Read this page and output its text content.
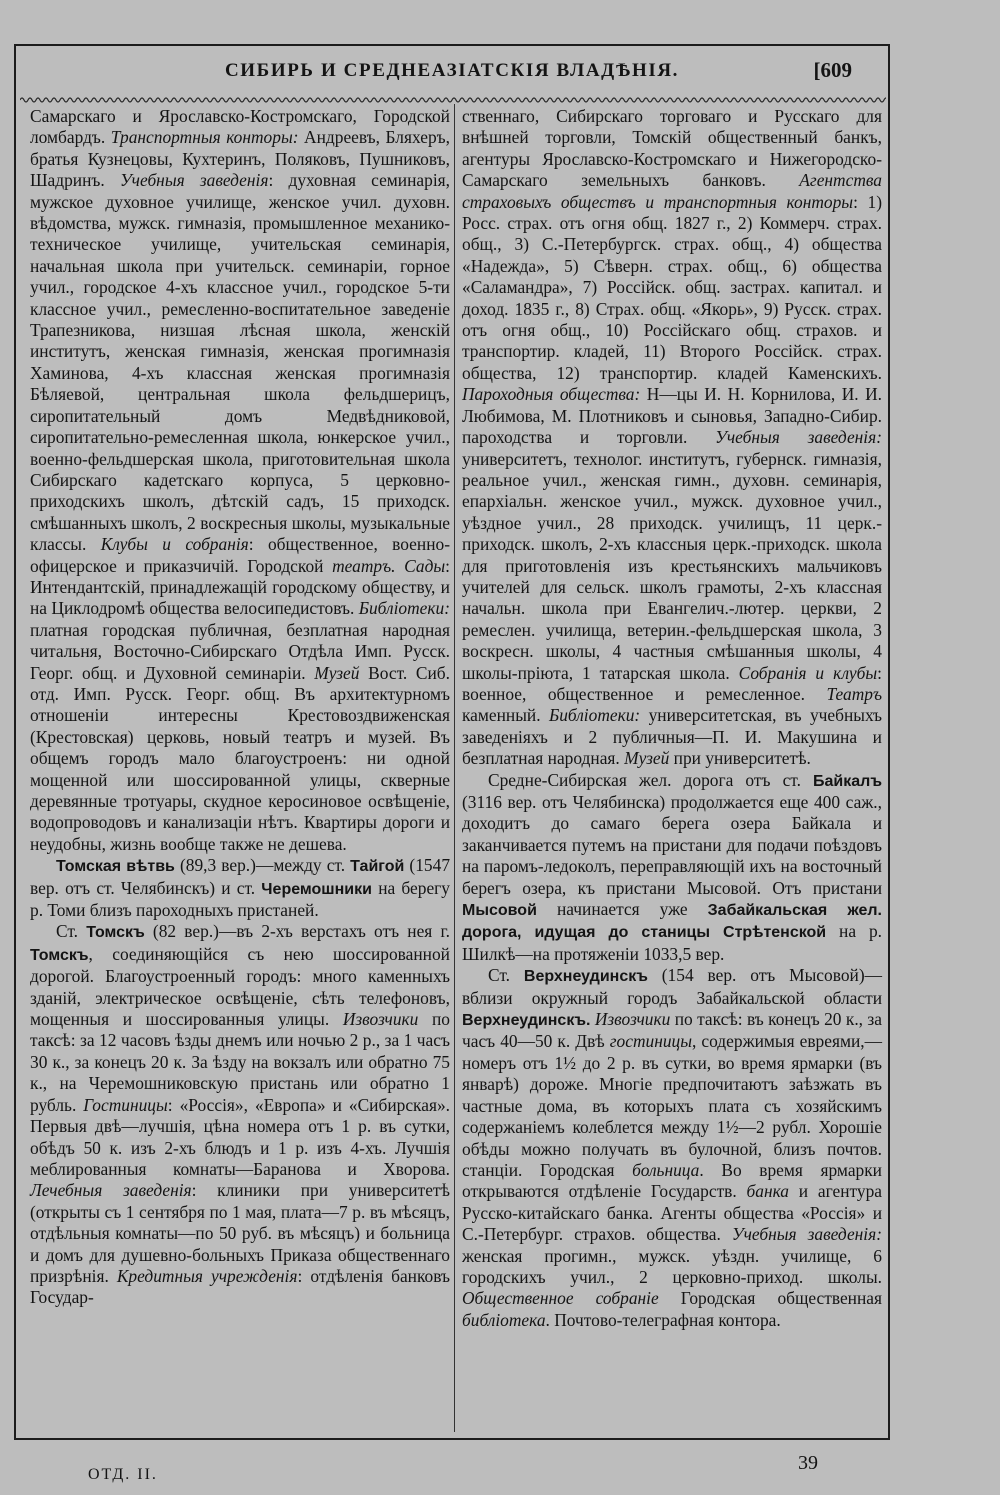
СИБИРЬ И СРЕДНЕАЗІАТСКІЯ ВЛАДѢНІЯ.	[609

Самарскаго и Ярославско-Костромскаго, Городской ломбардъ. Транспортныя конторы: Андреевъ, Бляхеръ, братья Кузнецовы, Кухтеринъ, Поляковъ, Пушниковъ, Шадринъ. Учебныя заведенія: духовная семинарія, мужское духовное училище, женское учил. духовн. вѣдомства, мужск. гимназія, промышленное механико-техническое училище, учительская семинарія, начальная школа при учительск. семинаріи, горное учил., городское 4-хъ классное учил., городское 5-ти классное учил., ремесленно-воспитательное заведеніе Трапезникова, низшая лѣсная школа, женскій институтъ, женская гимназія, женская прогимназія Хаминова, 4-хъ классная женская прогимназія Бѣляевой, центральная школа фельдшерицъ, сиропитательный домъ Медвѣдниковой, сиропитательно-ремесленная школа, юнкерское учил., военно-фельдшерская школа, приготовительная школа Сибирскаго кадетскаго корпуса, 5 церковно-приходскихъ школъ, дѣтскій садъ, 15 приходск. смѣшанныхъ школъ, 2 воскресныя школы, музыкальные классы. Клубы и собранія: общественное, военно-офицерское и приказчичій. Городской театръ. Сады: Интендантскій, принадлежащій городскому обществу, и на Циклодромѣ общества велосипедистовъ. Библіотеки: платная городская публичная, безплатная народная читальня, Восточно-Сибирскаго Отдѣла Имп. Русск. Георг. общ. и Духовной семинаріи. Музей Вост. Сиб. отд. Имп. Русск. Георг. общ. Въ архитектурномъ отношеніи интересны Крестовоздвиженская (Крестовская) церковь, новый театръ и музей. Въ общемъ городъ мало благоустроенъ: ни одной мощенной или шоссированной улицы, скверные деревянные тротуары, скудное керосиновое освѣщеніе, водопроводовъ и канализаціи нѣтъ. Квартиры дороги и неудобны, жизнь вообще также не дешева.

Томская вѣтвь (89,3 вер.)—между ст. Тайгой (1547 вер. отъ ст. Челябинскъ) и ст. Черемошники на берегу р. Томи близъ пароходныхъ пристаней.

Ст. Томскъ (82 вер.)—въ 2-хъ верстахъ отъ нея г. Томскъ, соединяющійся съ нею шоссированной дорогой. Благоустроенный городъ: много каменныхъ зданій, электрическое освѣщеніе, сѣть телефоновъ, мощенныя и шоссированныя улицы. Извозчики по таксѣ: за 12 часовъ ѣзды днемъ или ночью 2 р., за 1 часъ 30 к., за конецъ 20 к. За ѣзду на вокзалъ или обратно 75 к., на Черемошниковскую пристань или обратно 1 рубль. Гостиницы: «Россія», «Европа» и «Сибирская». Первыя двѣ—лучшія, цѣна номера отъ 1 р. въ сутки, обѣдъ 50 к. изъ 2-хъ блюдъ и 1 р. изъ 4-хъ. Лучшія меблированныя комнаты—Баранова и Хворова. Лечебныя заведенія: клиники при университетѣ (открыты съ 1 сентября по 1 мая, плата—7 р. въ мѣсяцъ, отдѣльныя комнаты—по 50 руб. въ мѣсяцъ) и больница и домъ для душевно-больныхъ Приказа общественнаго призрѣнія. Кредитныя учрежденія: отдѣленія банковъ Государ-

ственнаго, Сибирскаго торговаго и Русскаго для внѣшней торговли, Томскій общественный банкъ, агентуры Ярославско-Костромскаго и Нижегородско-Самарскаго земельныхъ банковъ. Агентства страховыхъ обществъ и транспортныя конторы: 1) Росс. страх. отъ огня общ. 1827 г., 2) Коммерч. страх. общ., 3) С.-Петербургск. страх. общ., 4) общества «Надежда», 5) Сѣверн. страх. общ., 6) общества «Саламандра», 7) Россійск. общ. застрах. капитал. и доход. 1835 г., 8) Страх. общ. «Якорь», 9) Русск. страх. отъ огня общ., 10) Россійскаго общ. страхов. и транспортир. кладей, 11) Второго Россійск. страх. общества, 12) транспортир. кладей Каменскихъ. Пароходныя общества: Н—цы И. Н. Корнилова, И. И. Любимова, М. Плотниковъ и сыновья, Западно-Сибир. пароходства и торговли. Учебныя заведенія: университетъ, технолог. институтъ, губернск. гимназія, реальное учил., женская гимн., духовн. семинарія, епархіальн. женское учил., мужск. духовное учил., уѣздное учил., 28 приходск. училищъ, 11 церк.-приходск. школъ, 2-хъ классныя церк.-приходск. школа для приготовленія изъ крестьянскихъ мальчиковъ учителей для сельск. школъ грамоты, 2-хъ классная начальн. школа при Евангелич.-лютер. церкви, 2 ремеслен. училища, ветерин.-фельдшерская школа, 3 воскресн. школы, 4 частныя смѣшанныя школы, 4 школы-пріюта, 1 татарская школа. Собранія и клубы: военное, общественное и ремесленное. Театръ каменный. Библіотеки: университетская, въ учебныхъ заведеніяхъ и 2 публичныя—П. И. Макушина и безплатная народная. Музей при университетѣ.

Средне-Сибирская жел. дорога отъ ст. Байкалъ (3116 вер. отъ Челябинска) продолжается еще 400 саж., доходитъ до самаго берега озера Байкала и заканчивается путемъ на пристани для подачи поѣздовъ на паромъ-ледоколъ, переправляющій ихъ на восточный берегъ озера, къ пристани Мысовой. Отъ пристани Мысовой начинается уже Забайкальская жел. дорога, идущая до станицы Стрѣтенской на р. Шилкѣ—на протяженіи 1033,5 вер.

Ст. Верхнеудинскъ (154 вер. отъ Мысовой)—вблизи окружный городъ Забайкальской области Верхнеудинскъ. Извозчики по таксѣ: въ конецъ 20 к., за часъ 40—50 к. Двѣ гостиницы, содержимыя евреями,—номеръ отъ 1½ до 2 р. въ сутки, во время ярмарки (въ январѣ) дороже. Многіе предпочитаютъ заѣзжать въ частные дома, въ которыхъ плата съ хозяйскимъ содержаніемъ колеблется между 1½—2 рубл. Хорошіе обѣды можно получать въ булочной, близъ почтов. станціи. Городская больница. Во время ярмарки открываются отдѣленіе Государств. банка и агентура Русско-китайскаго банка. Агенты общества «Россія» и С.-Петербург. страхов. общества. Учебныя заведенія: женская прогимн., мужск. уѣздн. училище, 6 городскихъ учил., 2 церковно-приход. школы. Общественное собраніе Городская общественная библіотека. Почтово-телеграфная контора.

ОТД. II.
39
